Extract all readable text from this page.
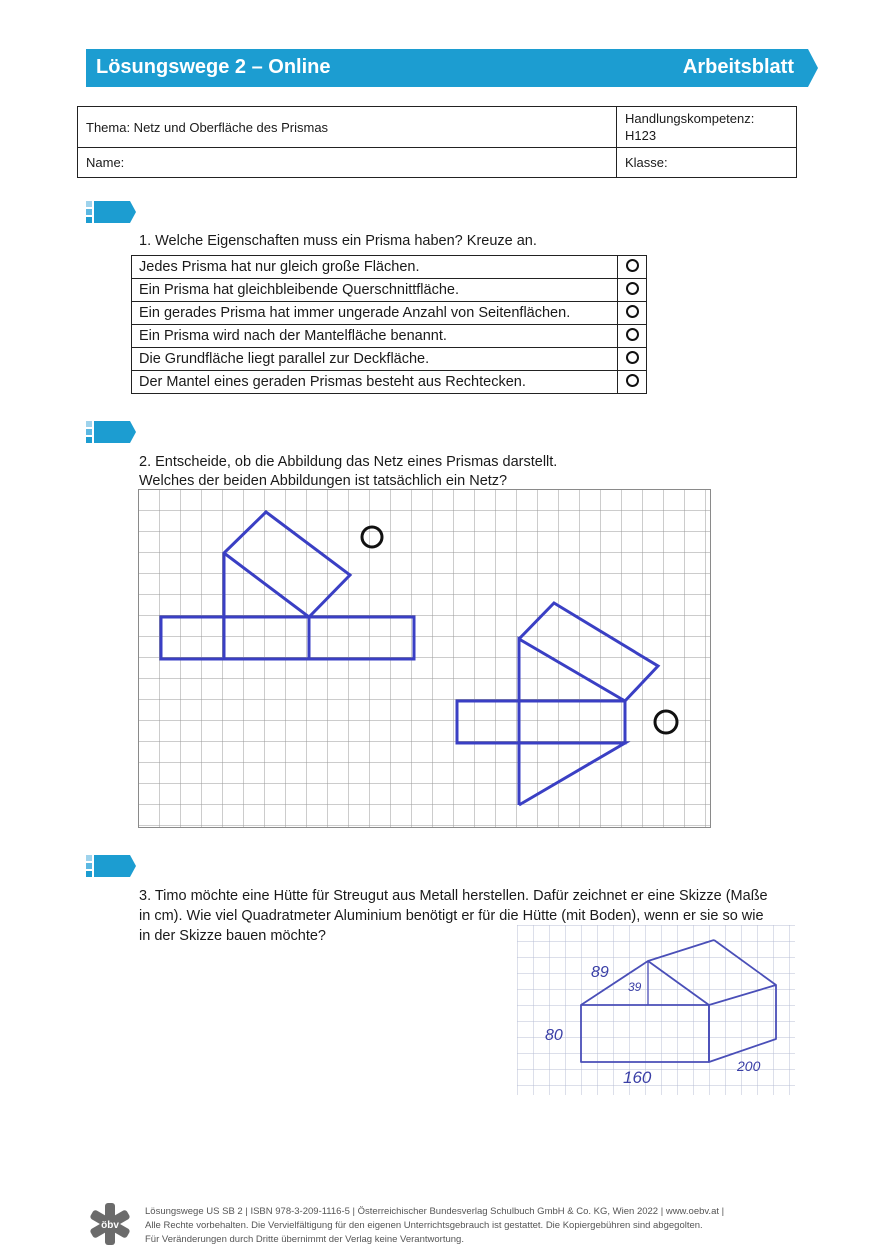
Lösungswege 2 – Online	Arbeitsblatt
Thema: Netz und Oberfläche des Prismas	Handlungskompetenz:
H123
Name:	Klasse:
1. Welche Eigenschaften muss ein Prisma haben? Kreuze an.
Jedes Prisma hat nur gleich große Flächen.	
Ein Prisma hat gleichbleibende Querschnittfläche.	
Ein gerades Prisma hat immer ungerade Anzahl von Seitenflächen.	
Ein Prisma wird nach der Mantelfläche benannt.	
Die Grundfläche liegt parallel zur Deckfläche.	
Der Mantel eines geraden Prismas besteht aus Rechtecken.	
2. Entscheide, ob die Abbildung das Netz eines Prismas darstellt.
Welches der beiden Abbildungen ist tatsächlich ein Netz?
3. Timo möchte eine Hütte für Streugut aus Metall herstellen. Dafür zeichnet er eine Skizze (Maße
in cm). Wie viel Quadratmeter Aluminium benötigt er für die Hütte (mit Boden), wenn er sie so wie
in der Skizze bauen möchte?
89
39
80
160
200
öbv
Lösungswege US SB 2 | ISBN 978-3-209-1116-5 | Österreichischer Bundesverlag Schulbuch GmbH & Co. KG, Wien 2022 | www.oebv.at |
Alle Rechte vorbehalten. Die Vervielfältigung für den eigenen Unterrichtsgebrauch ist gestattet. Die Kopiergebühren sind abgegolten.
Für Veränderungen durch Dritte übernimmt der Verlag keine Verantwortung.
